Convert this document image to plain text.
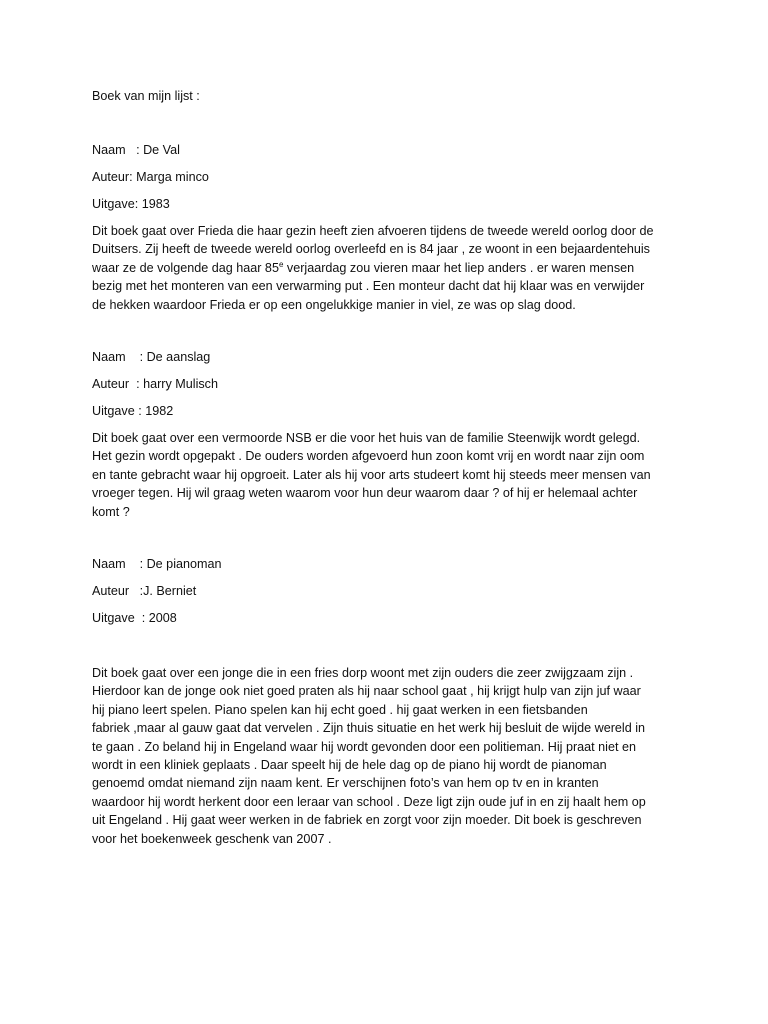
Boek van mijn lijst :
Naam   : De Val
Auteur: Marga minco
Uitgave: 1983
Dit boek gaat over Frieda die haar gezin heeft zien afvoeren tijdens de tweede wereld oorlog door de
Duitsers. Zij heeft de tweede wereld oorlog overleefd en is 84 jaar , ze woont in een bejaardentehuis
waar ze de volgende dag haar 85e verjaardag zou vieren maar het liep anders . er waren mensen
bezig met het monteren van een verwarming put . Een monteur dacht dat hij klaar was en verwijder
de hekken waardoor Frieda er op een ongelukkige manier in viel, ze was op slag dood.
Naam    : De aanslag
Auteur  : harry Mulisch
Uitgave : 1982
Dit boek gaat over een vermoorde NSB er die voor het huis van de familie Steenwijk wordt gelegd.
Het gezin wordt opgepakt . De ouders worden afgevoerd hun zoon komt vrij en wordt naar zijn oom
en tante gebracht waar hij opgroeit. Later als hij voor arts studeert komt hij steeds meer mensen van
vroeger tegen. Hij wil graag weten waarom voor hun deur waarom daar ? of hij er helemaal achter
komt ?
Naam    : De pianoman
Auteur   :J. Berniet
Uitgave  : 2008
Dit boek gaat over een jonge die in een fries dorp woont met zijn ouders die zeer zwijgzaam zijn .
Hierdoor kan de jonge ook niet goed praten als hij naar school gaat , hij krijgt hulp van zijn juf waar
hij piano leert spelen. Piano spelen kan hij echt goed . hij gaat werken in een fietsbanden
fabriek ,maar al gauw gaat dat vervelen . Zijn thuis situatie en het werk hij besluit de wijde wereld in
te gaan . Zo beland hij in Engeland waar hij wordt gevonden door een politieman. Hij praat niet en
wordt in een kliniek geplaats . Daar speelt hij de hele dag op de piano hij wordt de pianoman
genoemd omdat niemand zijn naam kent. Er verschijnen foto’s van hem op tv en in kranten
waardoor hij wordt herkent door een leraar van school . Deze ligt zijn oude juf in en zij haalt hem op
uit Engeland . Hij gaat weer werken in de fabriek en zorgt voor zijn moeder. Dit boek is geschreven
voor het boekenweek geschenk van 2007 .
